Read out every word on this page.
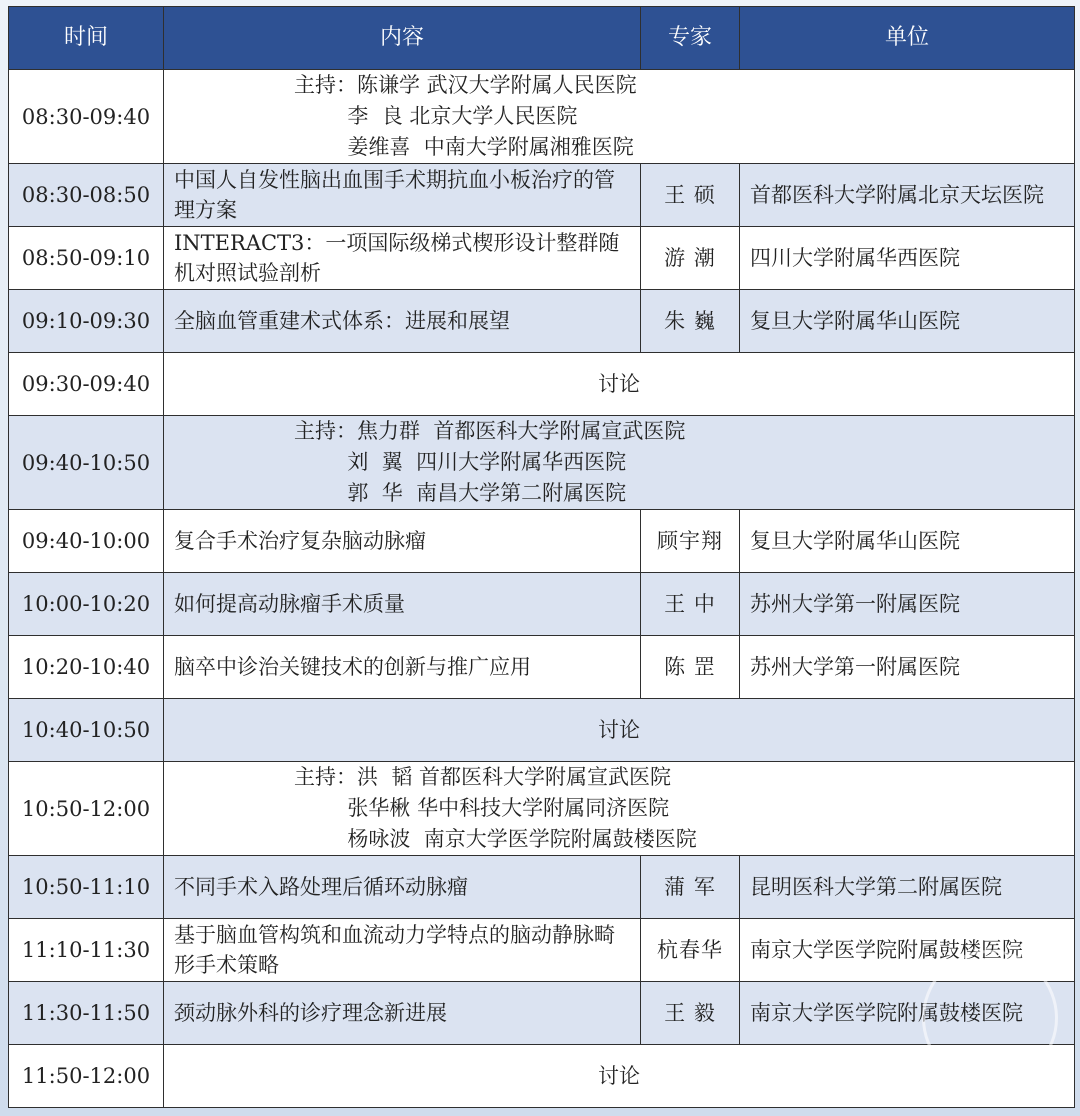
时间	内容	专家	单位
08:30-09:40	主持：陈谦学 武汉大学附属人民医院
李  良 北京大学人民医院
姜维喜  中南大学附属湘雅医院		

08:30-08:50	中国人自发性脑出血围手术期抗血小板治疗的管理方案	王 硕	首都医科大学附属北京天坛医院
08:50-09:10	INTERACT3：一项国际级梯式楔形设计整群随机对照试验剖析	游 潮	四川大学附属华西医院
09:10-09:30	全脑血管重建术式体系：进展和展望	朱 巍	复旦大学附属华山医院
09:30-09:40	讨论		
09:40-10:50	主持：焦力群  首都医科大学附属宣武医院
刘  翼  四川大学附属华西医院
郭  华  南昌大学第二附属医院		

09:40-10:00	复合手术治疗复杂脑动脉瘤	顾宇翔	复旦大学附属华山医院
10:00-10:20	如何提高动脉瘤手术质量	王 中	苏州大学第一附属医院
10:20-10:40	脑卒中诊治关键技术的创新与推广应用	陈 罡	苏州大学第一附属医院
10:40-10:50	讨论		
10:50-12:00	主持：洪  韬 首都医科大学附属宣武医院
张华楸 华中科技大学附属同济医院
杨咏波  南京大学医学院附属鼓楼医院		

10:50-11:10	不同手术入路处理后循环动脉瘤	蒲 军	昆明医科大学第二附属医院
11:10-11:30	基于脑血管构筑和血流动力学特点的脑动静脉畸形手术策略	杭春华	南京大学医学院附属鼓楼医院
11:30-11:50	颈动脉外科的诊疗理念新进展	王 毅	南京大学医学院附属鼓楼医院
11:50-12:00	讨论		
